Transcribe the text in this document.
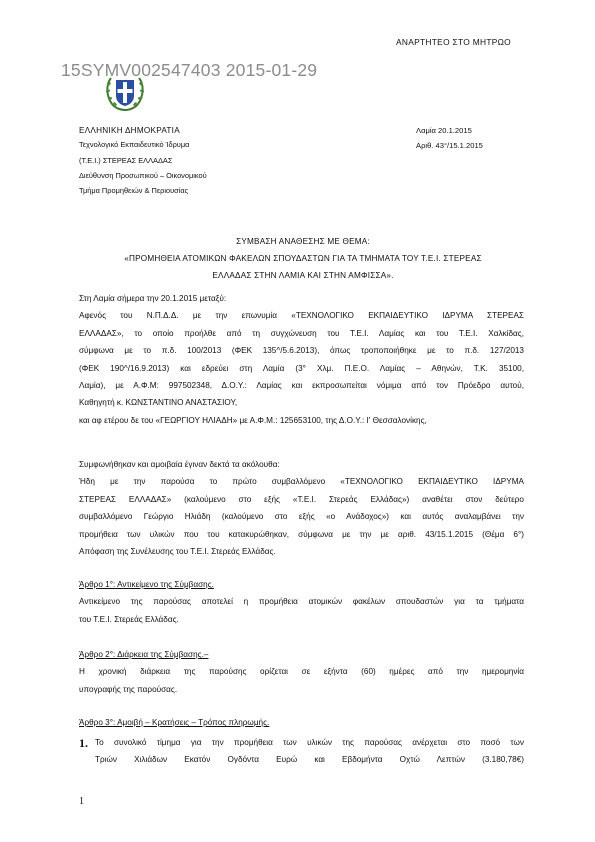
ΑΝΑΡΤΗΤΕΟ ΣΤΟ ΜΗΤΡΩΟ
15SYMV002547403 2015-01-29
ΕΛΛΗΝΙΚΗ ΔΗΜΟΚΡΑΤΙΑ
Τεχνολογικό Εκπαιδευτικό Ίδρυμα
(Τ.Ε.Ι.) ΣΤΕΡΕΑΣ ΕΛΛΑΔΑΣ
Διεύθυνση Προσωπικού – Οικονομικού
Τμήμα Προμηθειών & Περιουσίας
Λαμία 20.1.2015
Αριθ. 43°/15.1.2015
ΣΥΜΒΑΣΗ ΑΝΑΘΕΣΗΣ ΜΕ ΘΕΜΑ:
«ΠΡΟΜΗΘΕΙΑ ΑΤΟΜΙΚΩΝ ΦΑΚΕΛΩΝ ΣΠΟΥΔΑΣΤΩΝ ΓΙΑ ΤΑ ΤΜΗΜΑΤΑ ΤΟΥ Τ.Ε.Ι. ΣΤΕΡΕΑΣ
ΕΛΛΑΔΑΣ ΣΤΗΝ ΛΑΜΙΑ ΚΑΙ ΣΤΗΝ ΑΜΦΙΣΣΑ».
Στη Λαμία σήμερα την 20.1.2015 μεταξύ:
Αφενός του Ν.Π.Δ.Δ. με την επωνυμία «ΤΕΧΝΟΛΟΓΙΚΟ ΕΚΠΑΙΔΕΥΤΙΚΟ ΙΔΡΥΜΑ ΣΤΕΡΕΑΣ
ΕΛΛΑΔΑΣ», το οποίο προήλθε από τη συγχώνευση του Τ.Ε.Ι. Λαμίας και του Τ.Ε.Ι. Χαλκίδας,
σύμφωνα με το π.δ. 100/2013 (ΦΕΚ 135^/5.6.2013), όπως τροποποιήθηκε με το π.δ. 127/2013
(ΦΕΚ 190^/16.9.2013) και εδρεύει στη Λαμία (3° Χλμ. Π.Ε.Ο. Λαμίας – Αθηνών, Τ.Κ. 35100,
Λαμία), με Α.Φ.Μ: 997502348, Δ.Ο.Υ.: Λαμίας και εκπροσωπείται νόμιμα από τον Πρόεδρο αυτού,
Καθηγητή κ. ΚΩΝΣΤΑΝΤΙΝΟ ΑΝΑΣΤΑΣΙΟΥ,
και αφ ετέρου δε του «ΓΕΩΡΓΙΟΥ ΗΛΙΑΔΗ» με Α.Φ.Μ.: 125653100, της Δ.Ο.Υ.: Ι' Θεσσαλονίκης,
Συμφωνήθηκαν και αμοιβαία έγιναν δεκτά τα ακόλουθα:
Ήδη με την παρούσα το πρώτο συμβαλλόμενο «ΤΕΧΝΟΛΟΓΙΚΟ ΕΚΠΑΙΔΕΥΤΙΚΟ ΙΔΡΥΜΑ
ΣΤΕΡΕΑΣ ΕΛΛΑΔΑΣ» (καλούμενο στο εξής «Τ.Ε.Ι. Στερεάς Ελλάδας») αναθέτει στον δεύτερο
συμβαλλόμενο Γεώργιο Ηλιάδη (καλούμενο στο εξής «ο Ανάδοχος») και αυτός αναλαμβάνει την
προμήθεια των υλικών που του κατακυρώθηκαν, σύμφωνα με την με αριθ. 43/15.1.2015 (Θέμα 6°)
Απόφαση της Συνέλευσης του Τ.Ε.Ι. Στερεάς Ελλάδας.
Άρθρο 1°: Αντικείμενο της Σύμβασης.
Αντικείμενο της παρούσας αποτελεί η προμήθεια ατομικών φακέλων σπουδαστών για τα τμήματα
του Τ.Ε.Ι. Στερεάς Ελλάδας.
Άρθρο 2°: Διάρκεια της Σύμβασης.–
Η χρονική διάρκεια της παρούσης ορίζεται σε εξήντα (60) ημέρες από την ημερομηνία
υπογραφής της παρούσας.
Άρθρο 3°: Αμοιβή – Κρατήσεις – Τρόπος πληρωμής.
1. Το συνολικό τίμημα για την προμήθεια των υλικών της παρούσας ανέρχεται στο ποσό των
Τριών Χιλιάδων Εκατόν Ογδόντα Ευρώ και Εβδομήντα Οχτώ Λεπτών (3.180,78€)
1
